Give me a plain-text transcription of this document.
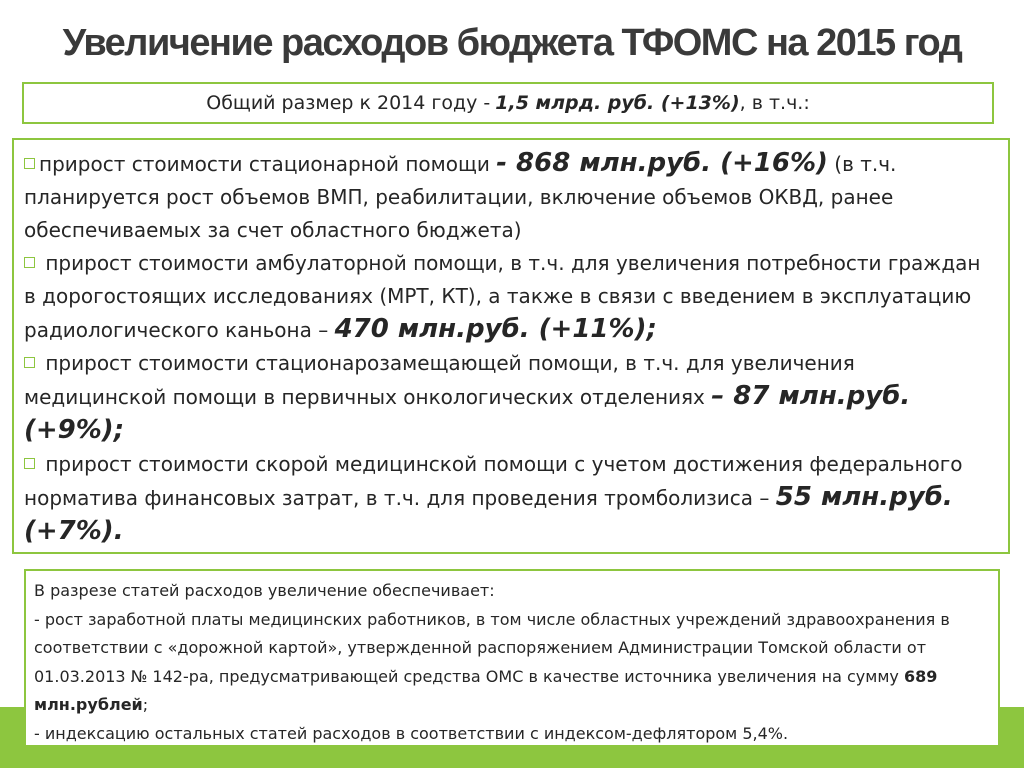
Увеличение расходов бюджета ТФОМС на 2015 год
Общий размер к 2014 году - 1,5 млрд. руб. (+13%) , в т.ч.:
прирост стоимости стационарной помощи - 868 млн.руб. (+16%) (в т.ч. планируется рост объемов ВМП, реабилитации, включение объемов ОКВД, ранее обеспечиваемых за счет областного бюджета)
прирост стоимости амбулаторной помощи, в т.ч. для увеличения потребности граждан в дорогостоящих исследованиях (МРТ, КТ), а также в связи с введением в эксплуатацию радиологического каньона – 470 млн.руб. (+11%);
прирост стоимости стационарозамещающей помощи, в т.ч. для увеличения медицинской помощи в первичных онкологических отделениях – 87 млн.руб. (+9%);
прирост стоимости скорой медицинской помощи с учетом достижения федерального норматива финансовых затрат, в т.ч. для проведения тромболизиса – 55 млн.руб. (+7%).
В разрезе статей расходов увеличение обеспечивает:
- рост заработной платы медицинских работников, в том числе областных учреждений здравоохранения в соответствии с «дорожной картой», утвержденной распоряжением Администрации Томской области от 01.03.2013 № 142-ра, предусматривающей средства ОМС в качестве источника увеличения на сумму 689 млн.рублей;
- индексацию остальных статей расходов в соответствии с индексом-дефлятором 5,4%.
